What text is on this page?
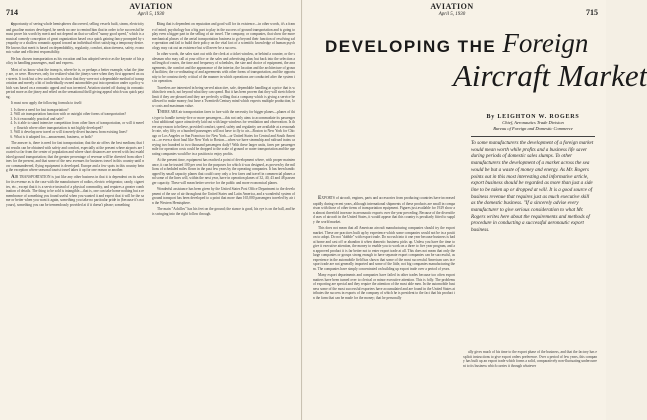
714
AVIATION
April 5, 1930

opportunity of seeing whole hemispheres discovered, selling vessels built, steam, electricity and gasoline motors developed, he needs no one to remind him that in order to be successful he must prove his worth by merit and not depend on that so-called "sunny good speed," which is a musical comedy conception of great organization based on a quick gaining fancy prompted by sympathy or a shallow romantic appeal toward an individual effort satisfying a temporary desire. He knows that merit is based on dependability, regularity, comfort, attractiveness, safety, economic value and efficient responsibility.

He has chosen transportation as his vocation and has adopted service as the keynote of his policy in handling passengers, mail and express.

Most of us know what the trump is, where he is, or perhaps a better example, what the jitney are, or were. However, only for realized what the jitneys were when they first appeared on our streets. It took but a few sad months to show that they were not a dependable method of transportation and merely a bit of individually owned automobiles put into operation under a policy which was based on a romantic appeal and was invented. Aviation started off during its romantic period more as the jitney and relied on the sensational thrill giving appeal which was quick paying.

It must now apply the following formula to itself:

1. Is there a need for fast transportation?
2. Will air transportation function with or outright other forms of transportation?
3. Is it reasonably practical and safe?
4. Is it able to stand intensive competition from other lines of transportation, or will it merely flourish where other transportation is not highly developed?
5. Will it develop new travel or will it merely divert business from existing lines?
6. What is it adapted for—amusement, business, or both?

The answer is, there is need for fast transportation; that the air offers the best medium; that fast results can be obtained with safety and comfort, especially at the present where airports are located so far from the center of population and where short distances are served with fast established ground transportation; that the greater percentage of revenue will be diverted from other lines for the present, and that some of the new avenues for business travel in this country until now commandeered, flying equipment is developed. Europe and a few spots in this country being the exception where seasonal tourist travel takes it up for one reason or another.

AIR TRANSPORTATION is just like any other business in that it is dependent on its sales for its revenue as is the case with the manufacturer of radios, electric refrigerator, candy, cigarettes, etc., except that it is a service instead of a physical commodity, and requires a greater combination of details. The thing to be sold is intangible—that is, one can take home nothing but a remembrance of something you found useful when you wanted it and expect that it will be the same or better when you want it again, something you take no particular pride in (because it's not yours), something you can be tremendously provided at if it doesn't please; something

thing that is dependent on reputation and good will for its existence—in other words, it's a frame of mind; psychology has a big part to play in the success of ground transportation and is going to play even a bigger part in the selling of air travel. The company, or companies, that show the more mechanical phases of the aerial transportation business to go beyond their function of resolving safe operation and fail to build their policy on the vital fact of a scientific knowledge of human psychology may cut out an existence but will never be a success.

In other words, the sales start out with the clerk at a ticket window, or behind a counter, or the salesman who may call at your office or the sales and advertising plan; but back into the selection and length of routes, the time and frequency of schedules, the size and choice of equipment, the arrangements, the comfort and the appearance of the interior, the location and the architecture of ground facilities; the co-ordinating of and agreements with other forms of transportation, and the opportunity to be constructively critical of the manner in which operations are conducted after the system is in operation.

Travelers are interested in being served attractive, safe, dependable handling at a price that is within their reach, not beyond what they can spend. But it has been proven that they will stretch their limit if they are pleased and they are perfectly willing that a company which is giving a service be allowed to make money; but have a Twentieth Century mind which expects multiple production, low costs and maximum value.

THERE ARE air transportation fares to fare with the necessity for bigger planes—planes of this type to handle twenty-five or more passengers—this not only aims to accommodate its passengers but additional space attractively laid out with large windows for ventilation and observation. Is there any reason to believe, provided comfort, speed, safety and regularity are available at a reasonable rate, why fifty or a hundred passengers will not have to fly to air—Boston to New York for Chicago or Los Angeles or San Francisco for New York—or United States for Central and South America—or even a short haul like New York to Boston—when we have steamship and railroad trains carrying two hundred to two thousand passengers daily? With these larger units, fares per passenger mile for operation costs could be dropped to the scale of ground or water transportation and the operating companies would be in a position to enjoy profits.

At the present time, equipment has reached a point of development where, with proper maintenance, it can be trusted 100 per cent for the purposes for which it was designed, as proven by the millions of scheduled miles flown in the past few years by the operating companies. It has been handicapped by small capacity planes that could carry only a few fares and travel in commercial planes and some of the lines will, within the next year, have in operation planes of 32, 40, 43 and 48 passenger capacity. These will mean better service for the public and more economical planes.

Wonderful assistance has been given by the United States Post Office Department to the development of the use of air throughout the United States and Latin America, and a wonderful system of ground transport has been developed to a point that more than 165,000 passengers traveled by air in the Western Hemisphere.

The main "Achilles" has his feet on the ground; the stance is good, his eye is on the ball, and he is swinging into the right follow through.

AVIATION
April 5, 1930	715
DEVELOPING THE Foreign
Aircraft Market
By LEIGHTON W. ROGERS
Chief, Aeronautics Trade Division
Bureau of Foreign and Domestic Commerce
To some manufacturers the development of a foreign market would mean worth while profits and a business life saver during periods of domestic sales slumps. To other manufacturers the development of a market across the sea would be but a waste of money and energy. As Mr. Rogers points out in this most interesting and informative article, export business should be regarded as more than just a side line to be taken up or dropped at will. It is a good source of business revenue that requires just as much executive skill as the domestic business. "If a sincerely advise every manufacturer to give serious consideration to what Mr. Rogers writes here about the requirements and methods of procedure in conducting a successful aeronautic export business.

EXPORTS of aircraft, engines, parts and accessories from producing countries have increased rapidly during recent years, although international shipments of these products are small in comparison with those of other items of transportation equipment. Figures just available for 1929 show an almost threefold increase in aeronautic exports over the year preceding. Because of the diversified uses of aircraft in the United States, it would appear that this country is peculiarly fitted to supply the world market.

This does not mean that all American aircraft manufacturing companies should try the export market. These are practices built up by experience which some companies would not be in a position to adopt. Do not "dabble" with export trade. Do no rush into it one year because business is bad at home and cast off or abandon it when domestic business picks up. Unless you have the time to give it executive attention, the money to enable you to work on a three to five year program, and an approved product it is far better not to enter export trade at all. This does not mean that only the large companies or groups strong enough to have separate export companies can be successful, as experience in the automobile field has shown that some of the most successful American cars in export trade are not generally imported and some of the little, not big companies manufacturing them. The companies have simply concentrated on building up export trade over a period of years.

Many export departments and companies have failed in other trades because too often export matters have been turned over to clerical or minor executive attention. This is folly. The problems of exporting are special and they require the attention of the most able men. In the automobile business some of the most successful exporters have accumulated and are found in the United States attributes the success in exports of the company of which he is president to the fact that his product in the farm that can be made for the money; that he personally

ally gives much of his time to the export phase of the business, and that the factory has explicit instructions to give export orders preference. Over a period of few years, this company has built up an export trade which forms a solid, comparatively non-fluctuating undercurrent to its business which carries it through whatever
